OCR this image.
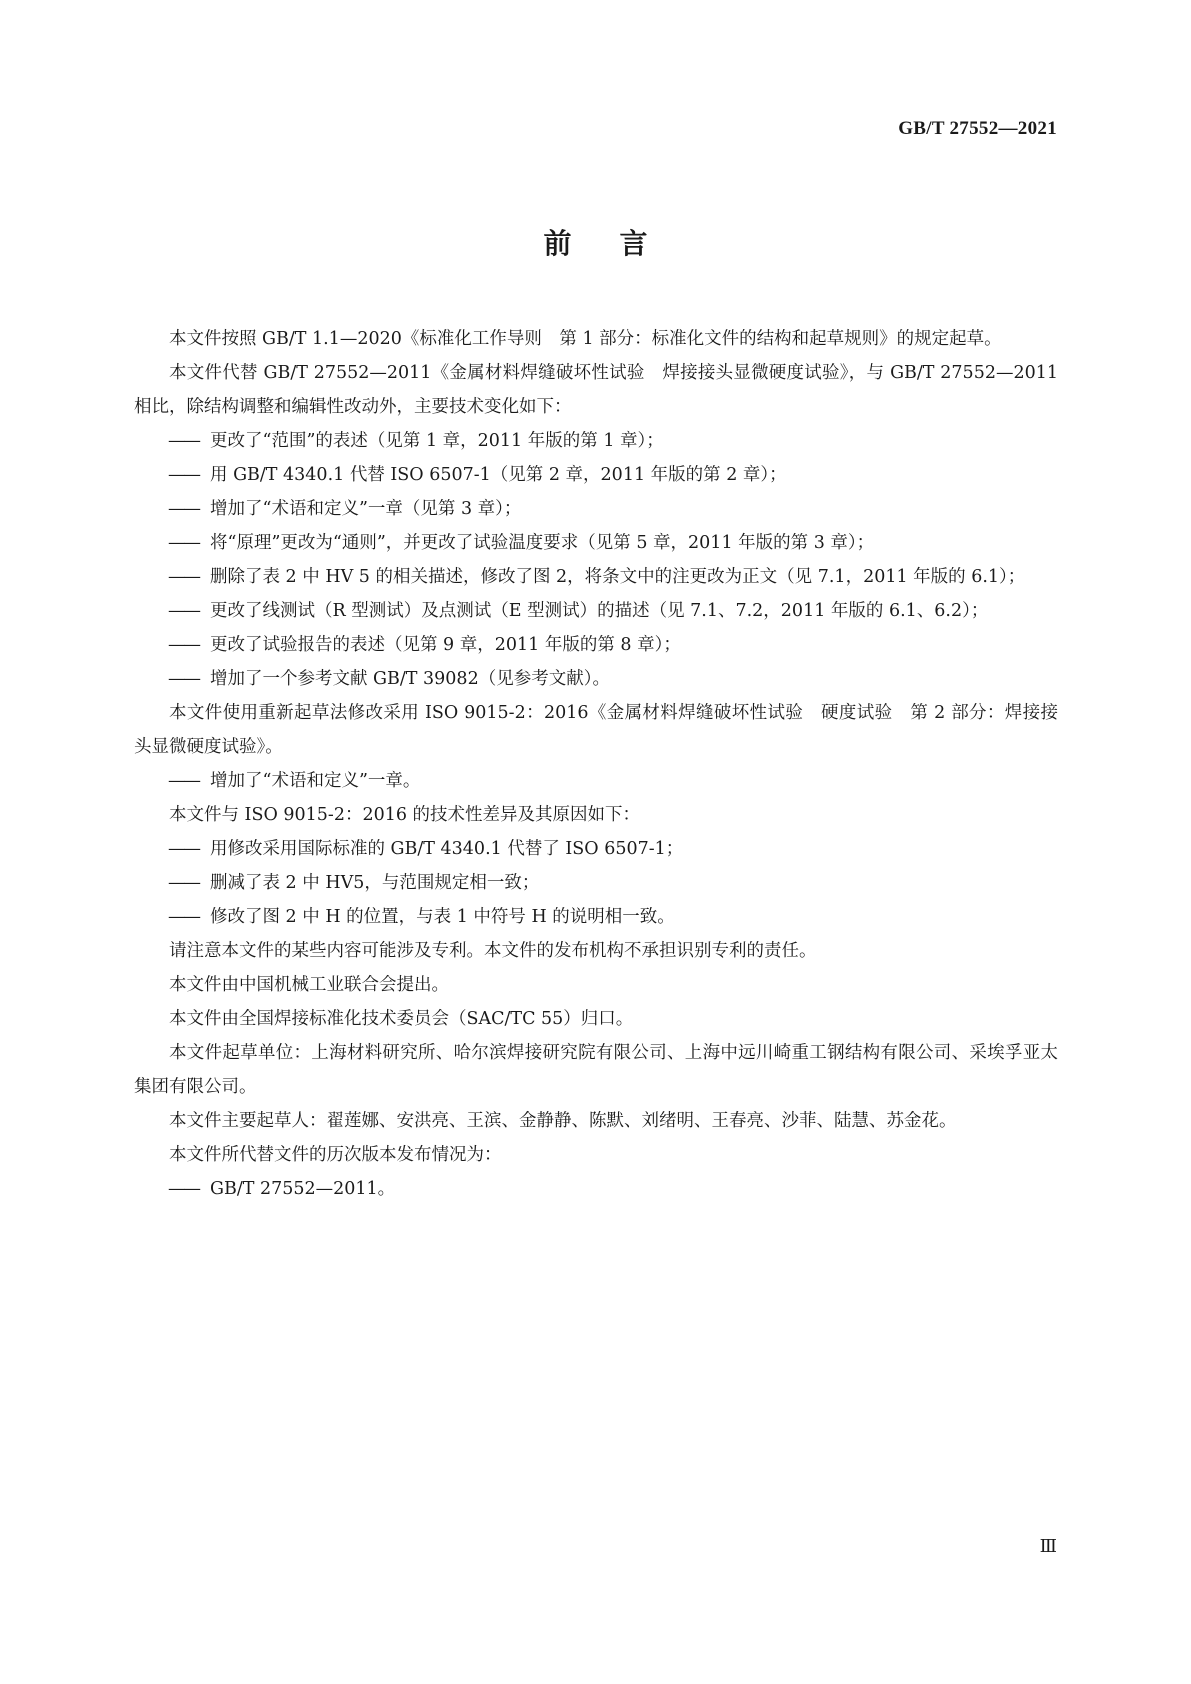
GB/T 27552—2021
前言

本文件按照 GB/T 1.1—2020《标准化工作导则　第 1 部分：标准化文件的结构和起草规则》的规定起草。

本文件代替 GB/T 27552—2011《金属材料焊缝破坏性试验　焊接接头显微硬度试验》，与 GB/T 27552—2011 相比，除结构调整和编辑性改动外，主要技术变化如下：

—— 更改了“范围”的表述（见第 1 章，2011 年版的第 1 章）；

—— 用 GB/T 4340.1 代替 ISO 6507-1（见第 2 章，2011 年版的第 2 章）；

—— 增加了“术语和定义”一章（见第 3 章）；

—— 将“原理”更改为“通则”，并更改了试验温度要求（见第 5 章，2011 年版的第 3 章）；

—— 删除了表 2 中 HV 5 的相关描述，修改了图 2，将条文中的注更改为正文（见 7.1，2011 年版的 6.1）；

—— 更改了线测试（R 型测试）及点测试（E 型测试）的描述（见 7.1、7.2，2011 年版的 6.1、6.2）；

—— 更改了试验报告的表述（见第 9 章，2011 年版的第 8 章）；

—— 增加了一个参考文献 GB/T 39082（见参考文献）。

本文件使用重新起草法修改采用 ISO 9015-2：2016《金属材料焊缝破坏性试验　硬度试验　第 2 部分：焊接接头显微硬度试验》。

—— 增加了“术语和定义”一章。

本文件与 ISO 9015-2：2016 的技术性差异及其原因如下：

—— 用修改采用国际标准的 GB/T 4340.1 代替了 ISO 6507-1；

—— 删减了表 2 中 HV5，与范围规定相一致；

—— 修改了图 2 中 H 的位置，与表 1 中符号 H 的说明相一致。

请注意本文件的某些内容可能涉及专利。本文件的发布机构不承担识别专利的责任。

本文件由中国机械工业联合会提出。

本文件由全国焊接标准化技术委员会（SAC/TC 55）归口。

本文件起草单位：上海材料研究所、哈尔滨焊接研究院有限公司、上海中远川崎重工钢结构有限公司、采埃孚亚太集团有限公司。

本文件主要起草人：翟莲娜、安洪亮、王滨、金静静、陈默、刘绪明、王春亮、沙菲、陆慧、苏金花。

本文件所代替文件的历次版本发布情况为：

—— GB/T 27552—2011。

Ⅲ
